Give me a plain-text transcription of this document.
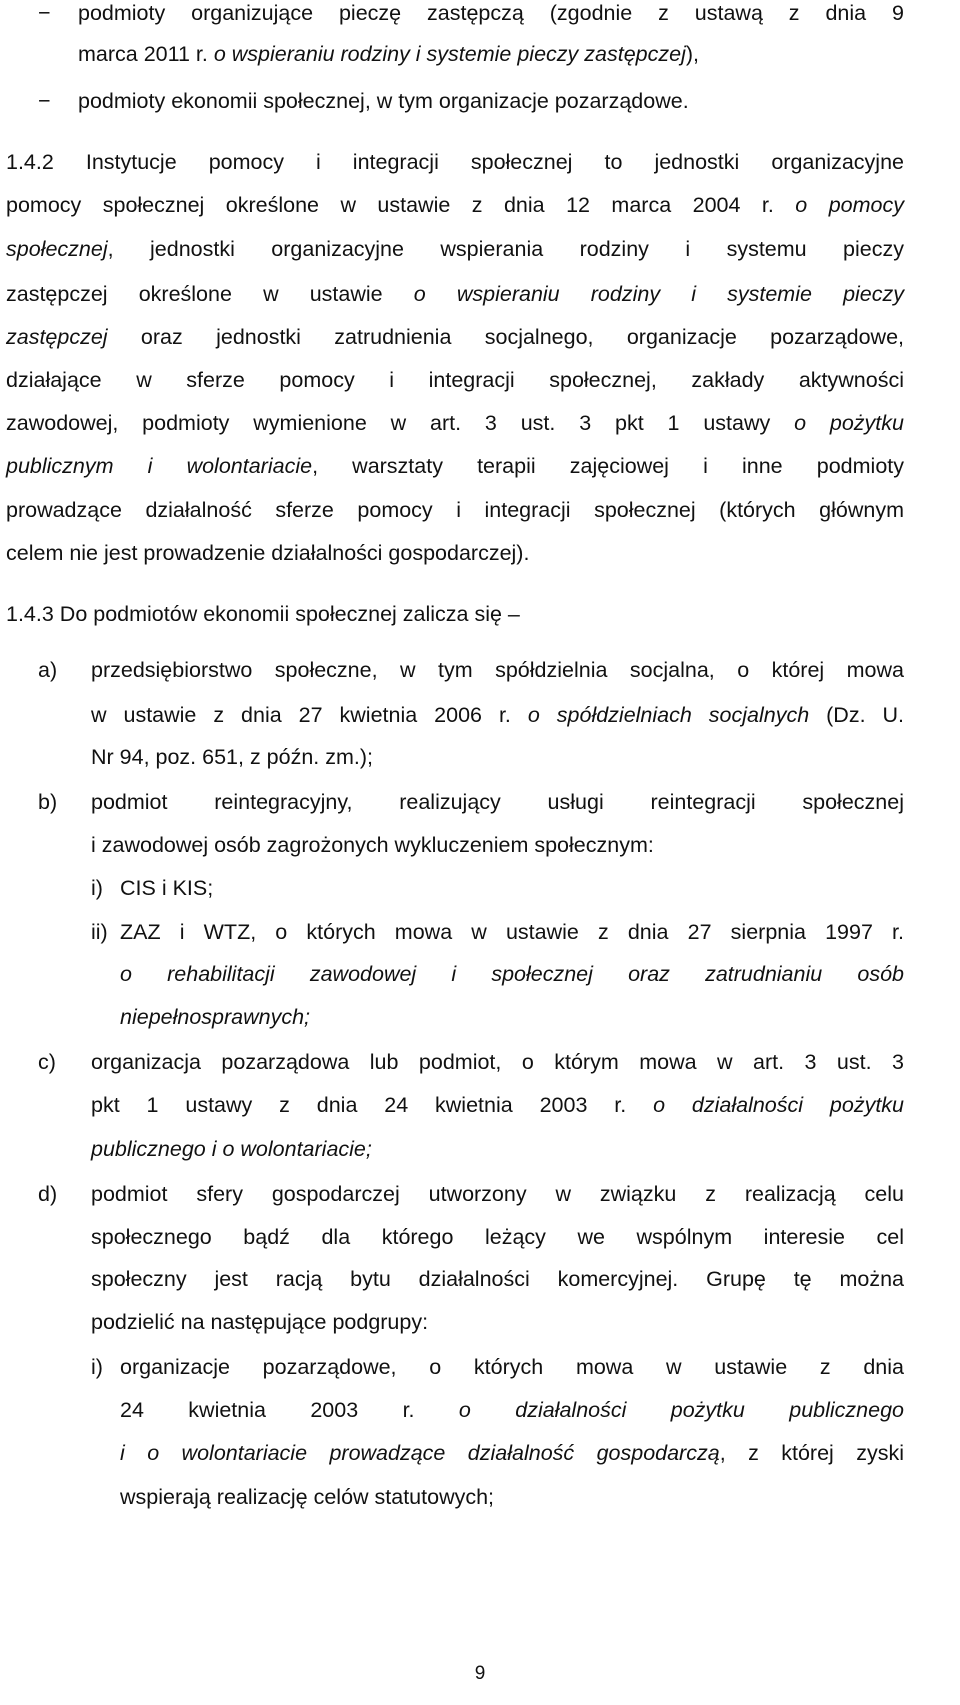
− podmioty organizujące pieczę zastępczą (zgodnie z ustawą z dnia 9
marca 2011 r. o wspieraniu rodziny i systemie pieczy zastępczej),
− podmioty ekonomii społecznej, w tym organizacje pozarządowe.
1.4.2 Instytucje pomocy i integracji społecznej to jednostki organizacyjne
pomocy społecznej określone w ustawie z dnia 12 marca 2004 r. o pomocy
społecznej, jednostki organizacyjne wspierania rodziny i systemu pieczy
zastępczej określone w ustawie o wspieraniu rodziny i systemie pieczy
zastępczej oraz jednostki zatrudnienia socjalnego, organizacje pozarządowe,
działające w sferze pomocy i integracji społecznej, zakłady aktywności
zawodowej, podmioty wymienione w art. 3 ust. 3 pkt 1 ustawy o pożytku
publicznym i wolontariacie, warsztaty terapii zajęciowej i inne podmioty
prowadzące działalność sferze pomocy i integracji społecznej (których głównym
celem nie jest prowadzenie działalności gospodarczej).
1.4.3 Do podmiotów ekonomii społecznej zalicza się –
a) przedsiębiorstwo społeczne, w tym spółdzielnia socjalna, o której mowa
w ustawie z dnia 27 kwietnia 2006 r. o spółdzielniach socjalnych (Dz. U.
Nr 94, poz. 651, z późn. zm.);
b) podmiot reintegracyjny, realizujący usługi reintegracji społecznej
i zawodowej osób zagrożonych wykluczeniem społecznym:
i) CIS i KIS;
ii) ZAZ i WTZ, o których mowa w ustawie z dnia 27 sierpnia 1997 r.
o rehabilitacji zawodowej i społecznej oraz zatrudnianiu osób
niepełnosprawnych;
c) organizacja pozarządowa lub podmiot, o którym mowa w art. 3 ust. 3
pkt 1 ustawy z dnia 24 kwietnia 2003 r. o działalności pożytku
publicznego i o wolontariacie;
d) podmiot sfery gospodarczej utworzony w związku z realizacją celu
społecznego bądź dla którego leżący we wspólnym interesie cel
społeczny jest racją bytu działalności komercyjnej. Grupę tę można
podzielić na następujące podgrupy:
i) organizacje pozarządowe, o których mowa w ustawie z dnia
24 kwietnia 2003 r. o działalności pożytku publicznego
i o wolontariacie prowadzące działalność gospodarczą, z której zyski
wspierają realizację celów statutowych;
9
